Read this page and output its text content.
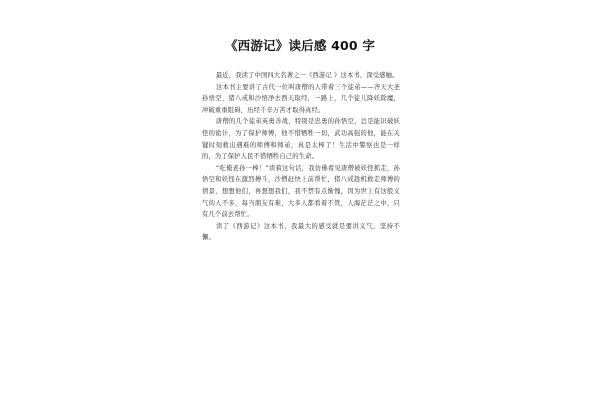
《西游记》读后感 400 字

最近，我读了中国四大名著之一《西游记 》这本书，深受感触。

这本书主要讲了古代一位叫唐僧的人带着三个徒弟——齐天大圣孙悟空、猪八戒和沙悟净去西天取经，一路上，几个徒儿降妖除魔，冲破重重阻碍，历经千辛万苦才取得真经。

唐僧的几个徒弟英勇善战，特别是忠勇的孙悟空，总是能识破妖怪的诡计，为了保护师傅，他不惜牺牲一切，武功高强的他，能在关键时刻救出遇难的师傅和师弟，真是太棒了！生活中警察也是一样的，为了保护人民不惜牺牲自己的生命。

“吃俺老孙一棒！”读着这句话，我仿佛看见唐僧被妖怪抓走，孙悟空和妖怪在激烈搏斗，沙僧赶快上前帮忙，猪八戒趁机救走师傅的情景，想想他们，再想想我们，我不禁有点惭愧，因为世上有这般义气的人不多，每当朋友有难，大多人都看着不管，人海茫茫之中，只有几个前去帮忙。

读了《西游记》这本书，我最大的感受就是要讲义气，坚持不懈。
